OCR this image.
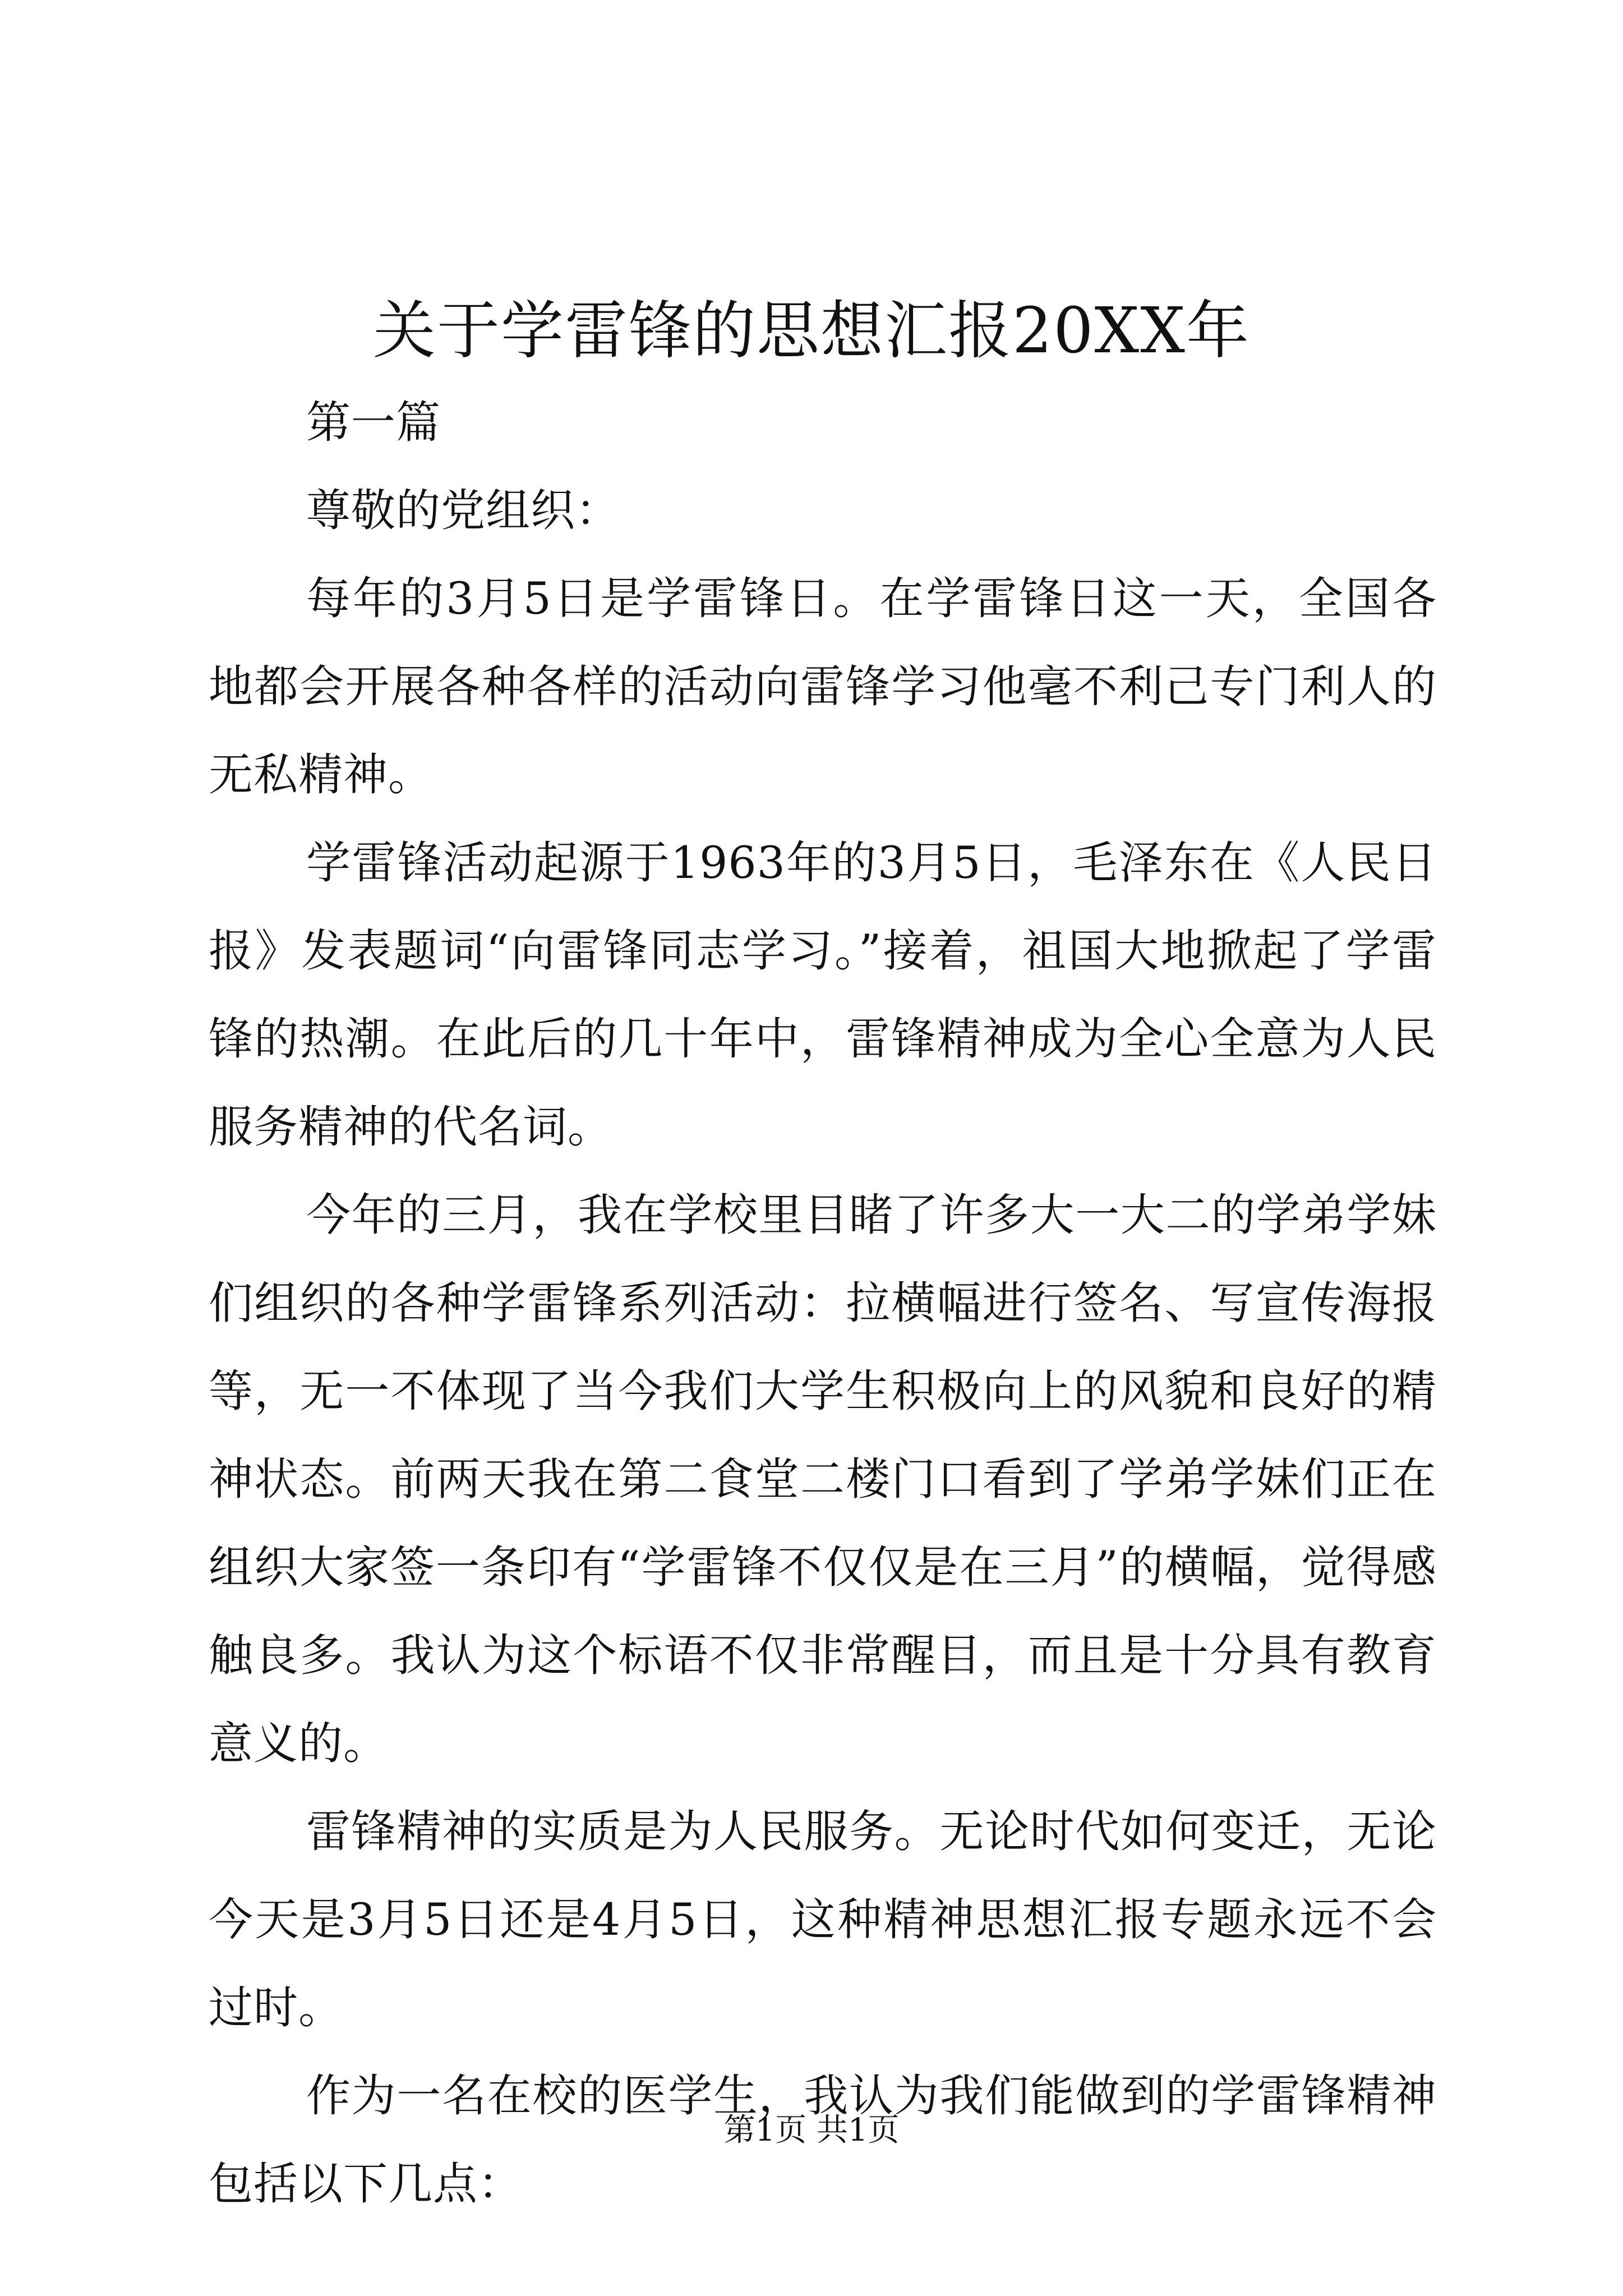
关于学雷锋的思想汇报20XX年

第一篇

尊敬的党组织：

每年的3月5日是学雷锋日。在学雷锋日这一天，全国各地都会开展各种各样的活动向雷锋学习他毫不利己专门利人的无私精神。

学雷锋活动起源于1963年的3月5日，毛泽东在《人民日报》发表题词“向雷锋同志学习。”接着，祖国大地掀起了学雷锋的热潮。在此后的几十年中，雷锋精神成为全心全意为人民服务精神的代名词。

今年的三月，我在学校里目睹了许多大一大二的学弟学妹们组织的各种学雷锋系列活动：拉横幅进行签名、写宣传海报等，无一不体现了当今我们大学生积极向上的风貌和良好的精神状态。前两天我在第二食堂二楼门口看到了学弟学妹们正在组织大家签一条印有“学雷锋不仅仅是在三月”的横幅，觉得感触良多。我认为这个标语不仅非常醒目，而且是十分具有教育意义的。

雷锋精神的实质是为人民服务。无论时代如何变迁，无论今天是3月5日还是4月5日，这种精神思想汇报专题永远不会过时。

作为一名在校的医学生，我认为我们能做到的学雷锋精神包括以下几点：

第1页 共1页
